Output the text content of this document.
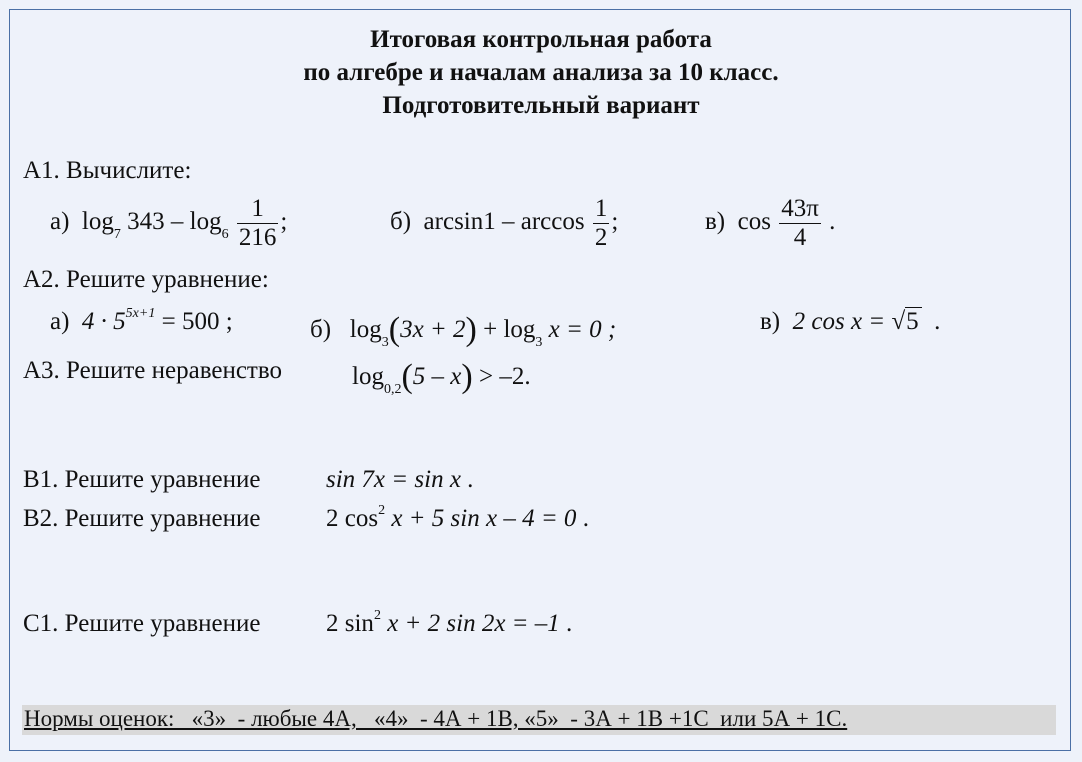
Итоговая контрольная работа
по алгебре и началам анализа за 10 класс.
Подготовительный вариант
А1. Вычислите:
а) $\log_7 343 - \log_6 \frac{1}{216}$ ;	б) $\arcsin 1 - \arccos \frac{1}{2}$ ;	в) $\cos \frac{43\pi}{4}$ .
А2. Решите уравнение:
а) $4 \cdot 5^{5x+1} = 500$ ;	б) $\log_3(3x + 2) + \log_3 x = 0$ ;	в) 2 cos x = √5 .
А3. Решите неравенство	$\log_{0,2}(5 - x) > -2$.
В1. Решите уравнение	sin 7x = sin x .
В2. Решите уравнение	2 $\cos^2 x + 5$ sin x – 4 = 0 .
С1. Решите уравнение	2 $\sin^2 x + 2$ sin 2x = –1 .
Нормы оценок:   «3»  - любые 4А,   «4»  - 4А + 1В, «5»  - 3А + 1В +1С  или 5А + 1С.
